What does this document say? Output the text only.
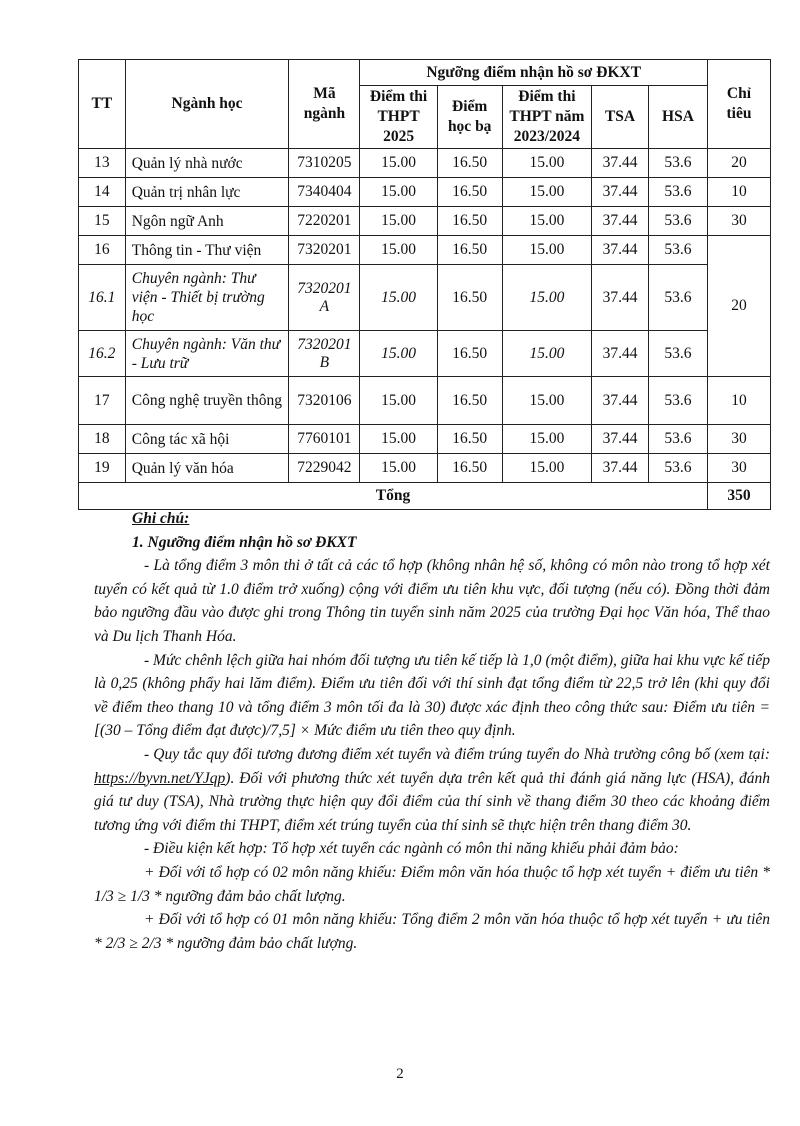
TT	Ngành học	Mã ngành	Ngưỡng điểm nhận hồ sơ ĐKXT					Chỉ tiêu
			Điểm thi THPT 2025	Điểm học bạ	Điểm thi THPT năm 2023/2024	TSA	HSA	
13	Quản lý nhà nước	7310205	15.00	16.50	15.00	37.44	53.6	20
14	Quản trị nhân lực	7340404	15.00	16.50	15.00	37.44	53.6	10
15	Ngôn ngữ Anh	7220201	15.00	16.50	15.00	37.44	53.6	30
16	Thông tin - Thư viện	7320201	15.00	16.50	15.00	37.44	53.6	20
16.1	Chuyên ngành: Thư viện - Thiết bị trường học	7320201 A	15.00	16.50	15.00	37.44	53.6	
16.2	Chuyên ngành: Văn thư - Lưu trữ	7320201 B	15.00	16.50	15.00	37.44	53.6	
17	Công nghệ truyền thông	7320106	15.00	16.50	15.00	37.44	53.6	10
18	Công tác xã hội	7760101	15.00	16.50	15.00	37.44	53.6	30
19	Quản lý văn hóa	7229042	15.00	16.50	15.00	37.44	53.6	30
Tổng								350

Ghi chú:

1. Ngưỡng điểm nhận hồ sơ ĐKXT

- Là tổng điểm 3 môn thi ở tất cả các tổ hợp (không nhân hệ số, không có môn nào trong tổ hợp xét tuyển có kết quả từ 1.0 điểm trở xuống) cộng với điểm ưu tiên khu vực, đối tượng (nếu có). Đồng thời đảm bảo ngưỡng đầu vào được ghi trong Thông tin tuyển sinh năm 2025 của trường Đại học Văn hóa, Thể thao và Du lịch Thanh Hóa.

- Mức chênh lệch giữa hai nhóm đối tượng ưu tiên kế tiếp là 1,0 (một điểm), giữa hai khu vực kế tiếp là 0,25 (không phẩy hai lăm điểm). Điểm ưu tiên đối với thí sinh đạt tổng điểm từ 22,5 trở lên (khi quy đổi về điểm theo thang 10 và tổng điểm 3 môn tối đa là 30) được xác định theo công thức sau: Điểm ưu tiên = [(30 – Tổng điểm đạt được)/7,5] × Mức điểm ưu tiên theo quy định.

- Quy tắc quy đổi tương đương điểm xét tuyển và điểm trúng tuyển do Nhà trường công bố (xem tại: https://byvn.net/YJqp). Đối với phương thức xét tuyển dựa trên kết quả thi đánh giá năng lực (HSA), đánh giá tư duy (TSA), Nhà trường thực hiện quy đổi điểm của thí sinh về thang điểm 30 theo các khoảng điểm tương ứng với điểm thi THPT, điểm xét trúng tuyển của thí sinh sẽ thực hiện trên thang điểm 30.

- Điều kiện kết hợp: Tổ hợp xét tuyển các ngành có môn thi năng khiếu phải đảm bảo:

+ Đối với tổ hợp có 02 môn năng khiếu: Điểm môn văn hóa thuộc tổ hợp xét tuyển + điểm ưu tiên * 1/3 ≥ 1/3 * ngưỡng đảm bảo chất lượng.

+ Đối với tổ hợp có 01 môn năng khiếu: Tổng điểm 2 môn văn hóa thuộc tổ hợp xét tuyển + ưu tiên * 2/3 ≥ 2/3 * ngưỡng đảm bảo chất lượng.

2
